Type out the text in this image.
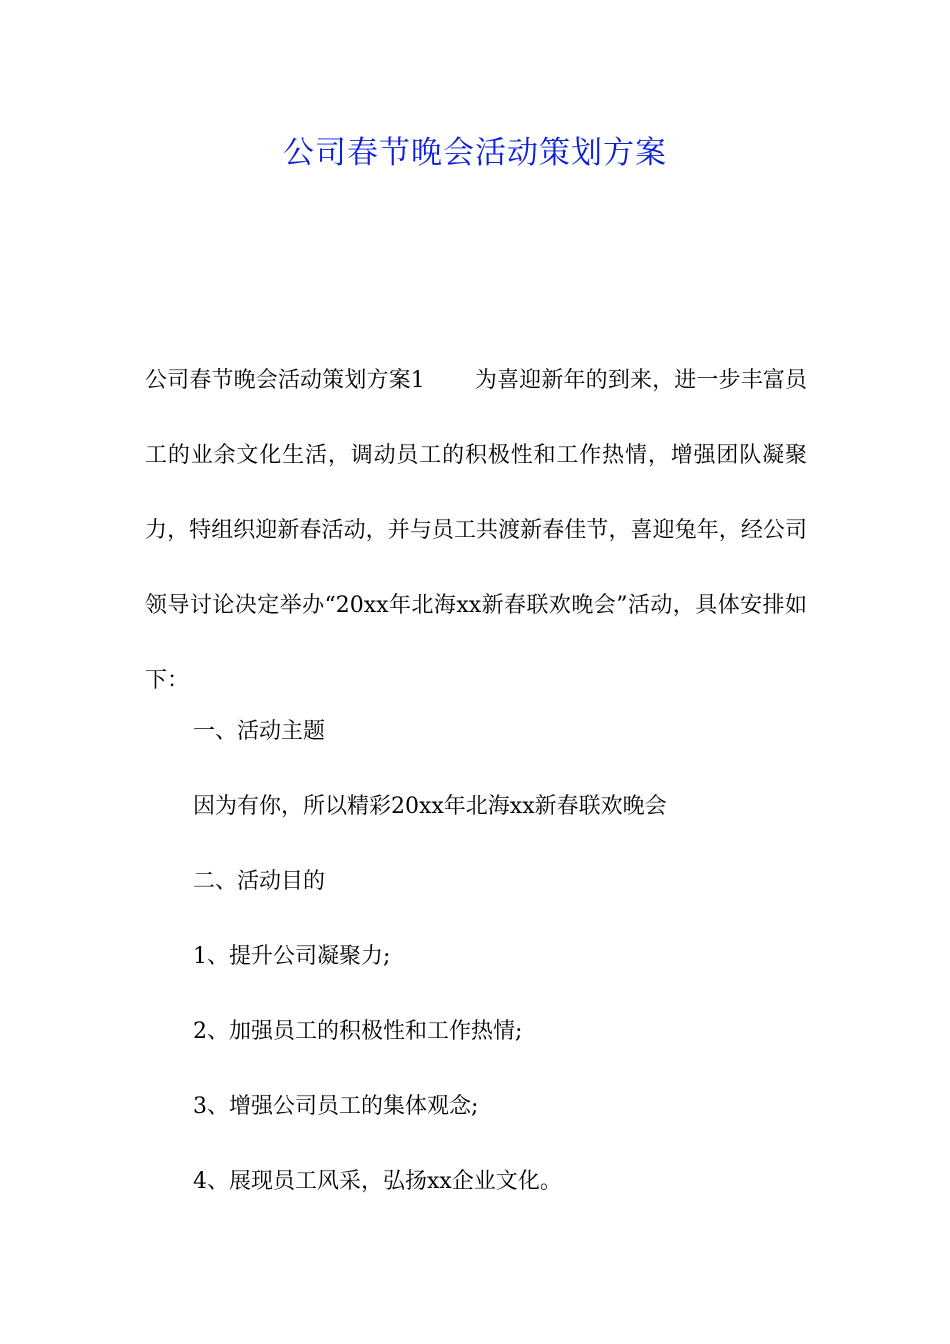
公司春节晚会活动策划方案

公司春节晚会活动策划方案1 为喜迎新年的到来，进一步丰富员工的业余文化生活，调动员工的积极性和工作热情，增强团队凝聚力，特组织迎新春活动，并与员工共渡新春佳节，喜迎兔年，经公司领导讨论决定举办“20xx年北海xx新春联欢晚会”活动，具体安排如下：

一、活动主题

因为有你，所以精彩20xx年北海xx新春联欢晚会

二、活动目的

1、提升公司凝聚力;

2、加强员工的积极性和工作热情;

3、增强公司员工的集体观念;

4、展现员工风采，弘扬xx企业文化。
